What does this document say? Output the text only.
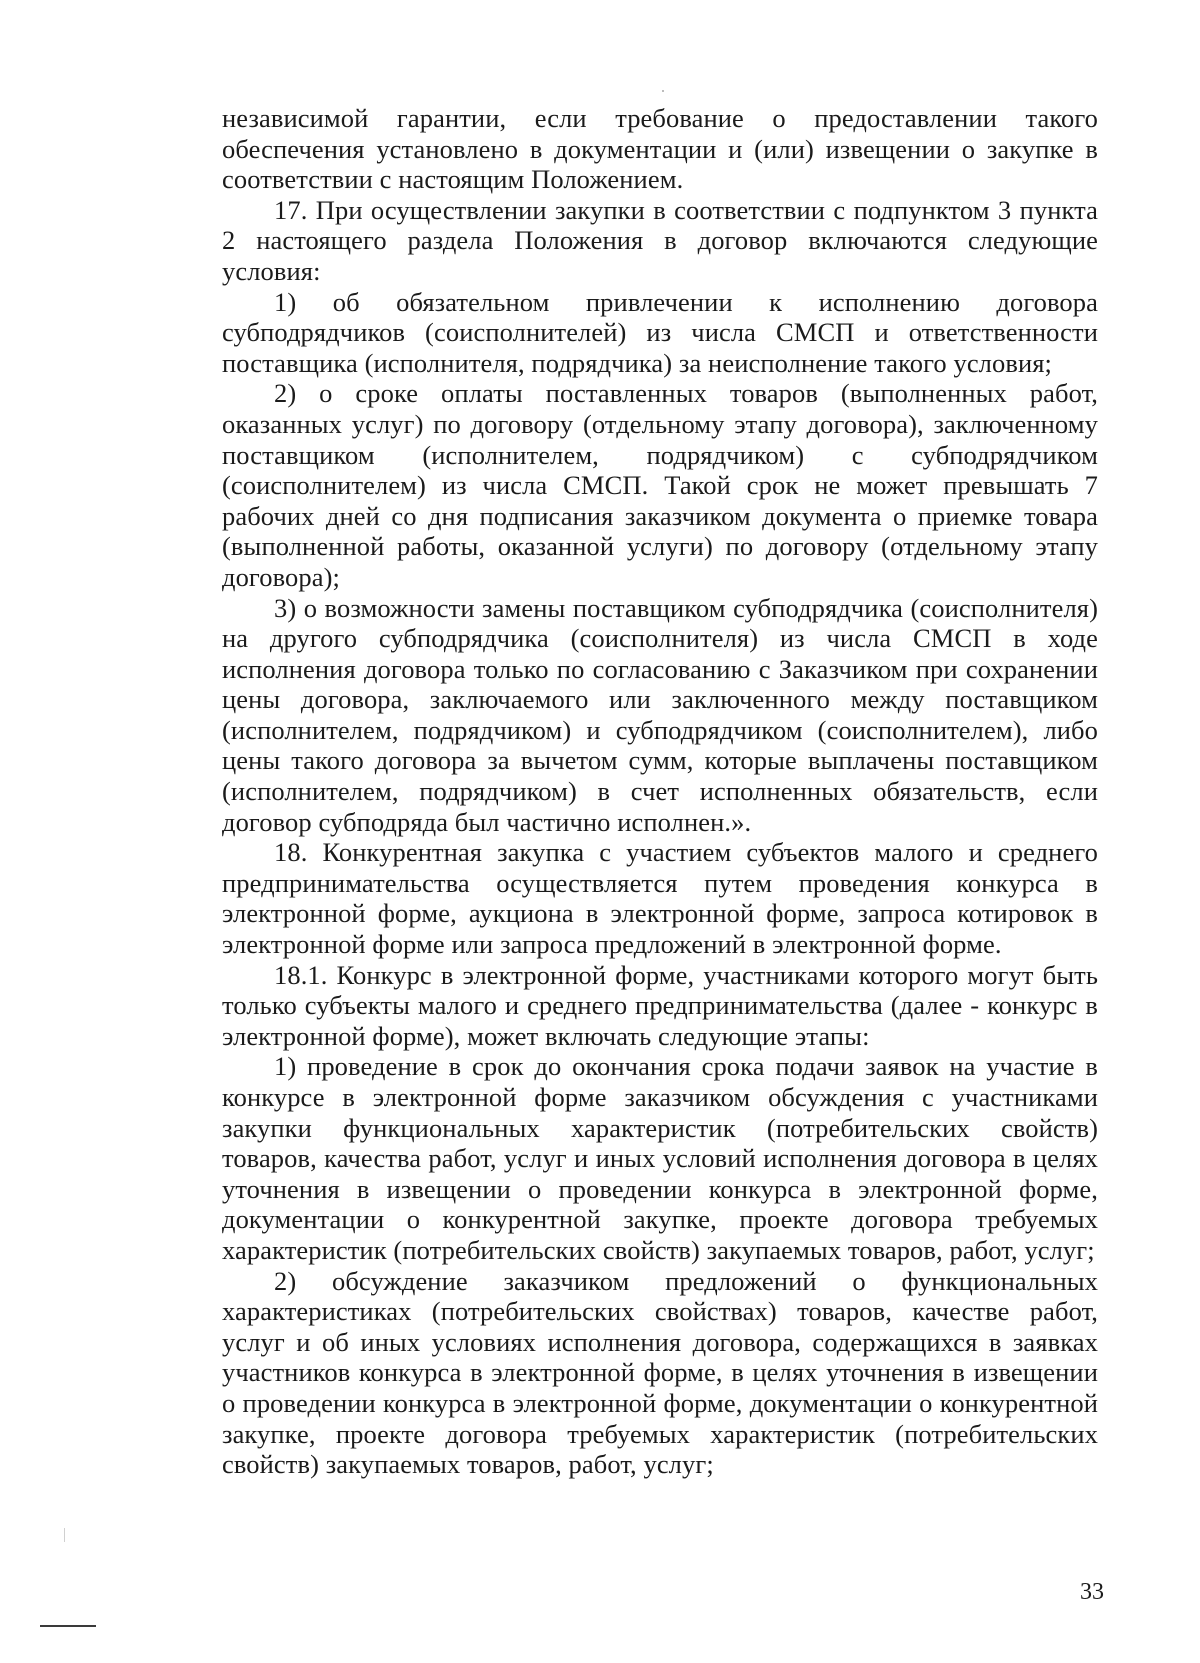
независимой гарантии, если требование о предоставлении такого обеспечения установлено в документации и (или) извещении о закупке в соответствии с настоящим Положением.

17. При осуществлении закупки в соответствии с подпунктом 3 пункта 2 настоящего раздела Положения в договор включаются следующие условия:

1) об обязательном привлечении к исполнению договора субподрядчиков (соисполнителей) из числа СМСП и ответственности поставщика (исполнителя, подрядчика) за неисполнение такого условия;

2) о сроке оплаты поставленных товаров (выполненных работ, оказанных услуг) по договору (отдельному этапу договора), заключенному поставщиком (исполнителем, подрядчиком) с субподрядчиком (соисполнителем) из числа СМСП. Такой срок не может превышать 7 рабочих дней со дня подписания заказчиком документа о приемке товара (выполненной работы, оказанной услуги) по договору (отдельному этапу договора);

3) о возможности замены поставщиком субподрядчика (соисполнителя) на другого субподрядчика (соисполнителя) из числа СМСП в ходе исполнения договора только по согласованию с Заказчиком при сохранении цены договора, заключаемого или заключенного между поставщиком (исполнителем, подрядчиком) и субподрядчиком (соисполнителем), либо цены такого договора за вычетом сумм, которые выплачены поставщиком (исполнителем, подрядчиком) в счет исполненных обязательств, если договор субподряда был частично исполнен.».

18. Конкурентная закупка с участием субъектов малого и среднего предпринимательства осуществляется путем проведения конкурса в электронной форме, аукциона в электронной форме, запроса котировок в электронной форме или запроса предложений в электронной форме.

18.1. Конкурс в электронной форме, участниками которого могут быть только субъекты малого и среднего предпринимательства (далее - конкурс в электронной форме), может включать следующие этапы:

1) проведение в срок до окончания срока подачи заявок на участие в конкурсе в электронной форме заказчиком обсуждения с участниками закупки функциональных характеристик (потребительских свойств) товаров, качества работ, услуг и иных условий исполнения договора в целях уточнения в извещении о проведении конкурса в электронной форме, документации о конкурентной закупке, проекте договора требуемых характеристик (потребительских свойств) закупаемых товаров, работ, услуг;

2) обсуждение заказчиком предложений о функциональных характеристиках (потребительских свойствах) товаров, качестве работ, услуг и об иных условиях исполнения договора, содержащихся в заявках участников конкурса в электронной форме, в целях уточнения в извещении о проведении конкурса в электронной форме, документации о конкурентной закупке, проекте договора требуемых характеристик (потребительских свойств) закупаемых товаров, работ, услуг;

33
